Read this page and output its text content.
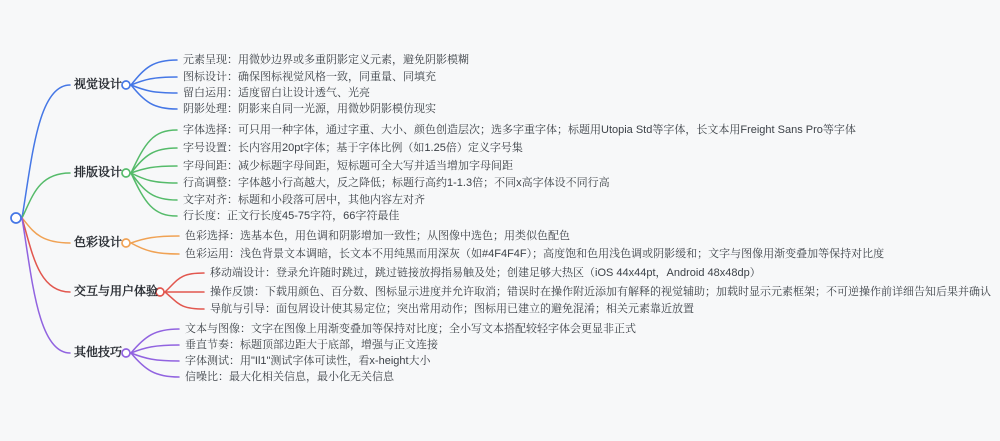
视觉设计
元素呈现：用微妙边界或多重阴影定义元素，避免阴影模糊
图标设计：确保图标视觉风格一致，同重量、同填充
留白运用：适度留白让设计透气、光亮
阴影处理：阴影来自同一光源，用微妙阴影模仿现实
排版设计
字体选择：可只用一种字体，通过字重、大小、颜色创造层次；选多字重字体；标题用Utopia Std等字体，长文本用Freight Sans Pro等字体
字号设置：长内容用20pt字体；基于字体比例（如1.25倍）定义字号集
字母间距：减少标题字母间距，短标题可全大写并适当增加字母间距
行高调整：字体越小行高越大，反之降低；标题行高约1-1.3倍；不同x高字体设不同行高
文字对齐：标题和小段落可居中，其他内容左对齐
行长度：正文行长度45-75字符，66字符最佳
色彩设计	色彩选择：选基本色，用色调和阴影增加一致性；从图像中选色；用类似色配色
色彩运用：浅色背景文本调暗，长文本不用纯黑而用深灰（如#4F4F4F）；高度饱和色用浅色调或阴影缓和；文字与图像用渐变叠加等保持对比度
交互与用户体验
移动端设计：登录允许随时跳过，跳过链接放拇指易触及处；创建足够大热区（iOS 44x44pt，Android 48x48dp）
操作反馈：下载用颜色、百分数、图标显示进度并允许取消；错误时在操作附近添加有解释的视觉辅助；加载时显示元素框架；不可逆操作前详细告知后果并确认
导航与引导：面包屑设计使其易定位；突出常用动作；图标用已建立的避免混淆；相关元素靠近放置
其他技巧
文本与图像：文字在图像上用渐变叠加等保持对比度；全小写文本搭配较轻字体会更显非正式
垂直节奏：标题顶部边距大于底部，增强与正文连接
字体测试：用"Il1"测试字体可读性，看x-height大小
信噪比：最大化相关信息，最小化无关信息
